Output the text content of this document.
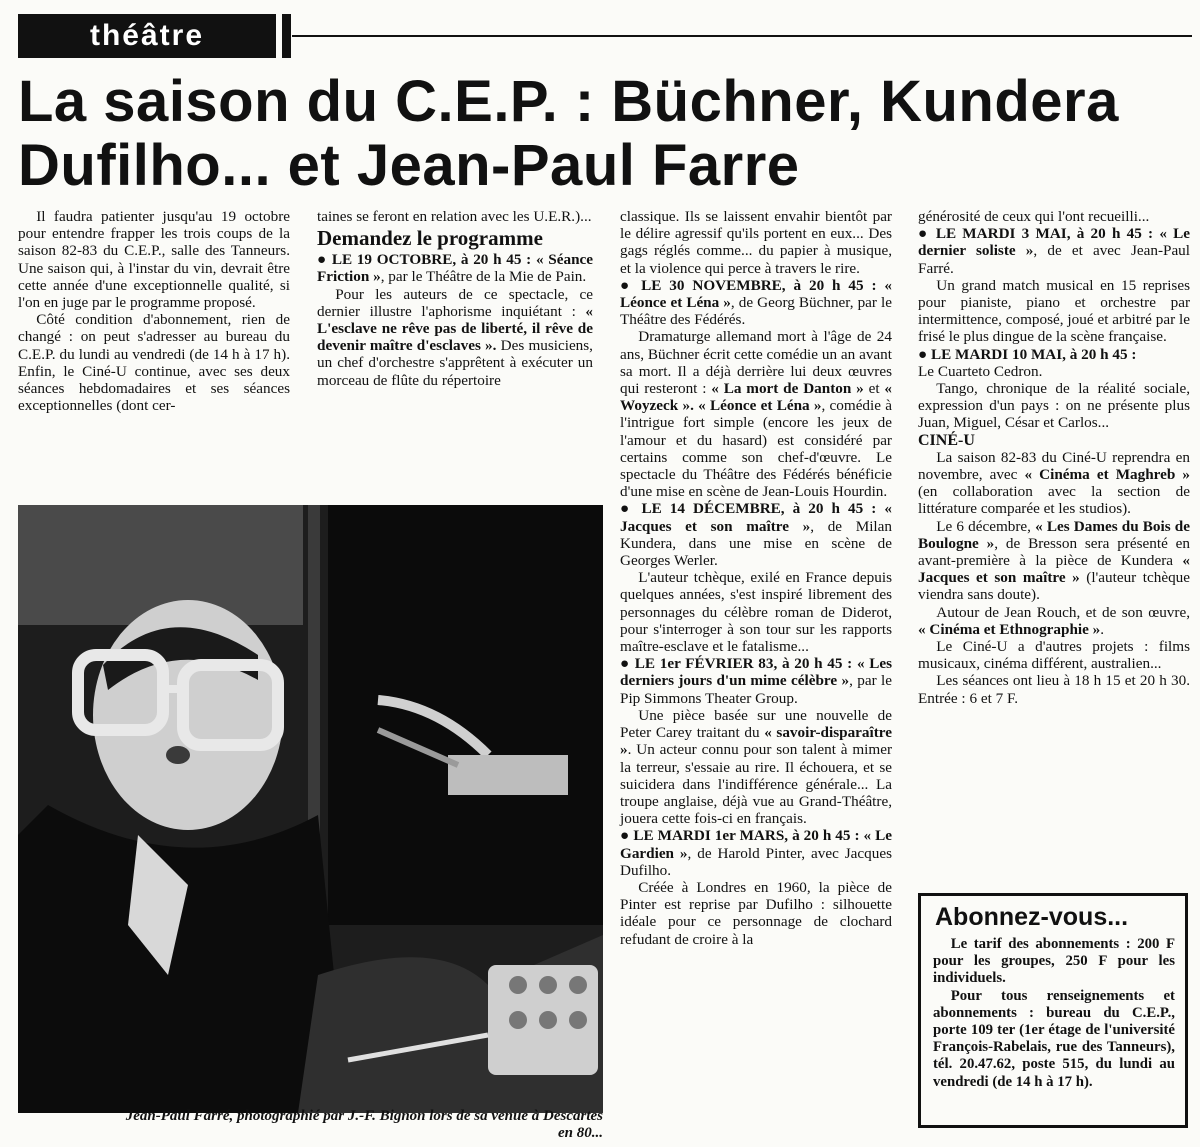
théâtre
La saison du C.E.P. : Büchner, Kundera Dufilho... et Jean-Paul Farre

Il faudra patienter jusqu'au 19 octobre pour entendre frapper les trois coups de la saison 82-83 du C.E.P., salle des Tanneurs. Une saison qui, à l'instar du vin, devrait être cette année d'une exceptionnelle qualité, si l'on en juge par le programme proposé.

Côté condition d'abonnement, rien de changé : on peut s'adresser au bureau du C.E.P. du lundi au vendredi (de 14 h à 17 h). Enfin, le Ciné-U continue, avec ses deux séances hebdomadaires et ses séances exceptionnelles (dont cer-

taines se feront en relation avec les U.E.R.)...

Demandez le programme

● LE 19 OCTOBRE, à 20 h 45 : « Séance Friction », par le Théâtre de la Mie de Pain.

Pour les auteurs de ce spectacle, ce dernier illustre l'aphorisme inquiétant : « L'esclave ne rêve pas de liberté, il rêve de devenir maître d'esclaves ». Des musiciens, un chef d'orchestre s'apprêtent à exécuter un morceau de flûte du répertoire

classique. Ils se laissent envahir bientôt par le délire agressif qu'ils portent en eux... Des gags réglés comme... du papier à musique, et la violence qui perce à travers le rire.

● LE 30 NOVEMBRE, à 20 h 45 : « Léonce et Léna », de Georg Büchner, par le Théâtre des Fédérés.

Dramaturge allemand mort à l'âge de 24 ans, Büchner écrit cette comédie un an avant sa mort. Il a déjà derrière lui deux œuvres qui resteront : « La mort de Danton » et « Woyzeck ». « Léonce et Léna », comédie à l'intrigue fort simple (encore les jeux de l'amour et du hasard) est considéré par certains comme son chef-d'œuvre. Le spectacle du Théâtre des Fédérés bénéficie d'une mise en scène de Jean-Louis Hourdin.

● LE 14 DÉCEMBRE, à 20 h 45 : « Jacques et son maître », de Milan Kundera, dans une mise en scène de Georges Werler.

L'auteur tchèque, exilé en France depuis quelques années, s'est inspiré librement des personnages du célèbre roman de Diderot, pour s'interroger à son tour sur les rapports maître-esclave et le fatalisme...

● LE 1er FÉVRIER 83, à 20 h 45 : « Les derniers jours d'un mime célèbre », par le Pip Simmons Theater Group.

Une pièce basée sur une nouvelle de Peter Carey traitant du « savoir-disparaître ». Un acteur connu pour son talent à mimer la terreur, s'essaie au rire. Il échouera, et se suicidera dans l'indifférence générale... La troupe anglaise, déjà vue au Grand-Théâtre, jouera cette fois-ci en français.

● LE MARDI 1er MARS, à 20 h 45 : « Le Gardien », de Harold Pinter, avec Jacques Dufilho.

Créée à Londres en 1960, la pièce de Pinter est reprise par Dufilho : silhouette idéale pour ce personnage de clochard refudant de croire à la

générosité de ceux qui l'ont recueilli...

● LE MARDI 3 MAI, à 20 h 45 : « Le dernier soliste », de et avec Jean-Paul Farré.

Un grand match musical en 15 reprises pour pianiste, piano et orchestre par intermittence, composé, joué et arbitré par le frisé le plus dingue de la scène française.

● LE MARDI 10 MAI, à 20 h 45 :
Le Cuarteto Cedron.

Tango, chronique de la réalité sociale, expression d'un pays : on ne présente plus Juan, Miguel, César et Carlos...

CINÉ-U

La saison 82-83 du Ciné-U reprendra en novembre, avec « Cinéma et Maghreb » (en collaboration avec la section de littérature comparée et les studios).

Le 6 décembre, « Les Dames du Bois de Boulogne », de Bresson sera présenté en avant-première à la pièce de Kundera « Jacques et son maître » (l'auteur tchèque viendra sans doute).

Autour de Jean Rouch, et de son œuvre, « Cinéma et Ethnographie ».

Le Ciné-U a d'autres projets : films musicaux, cinéma différent, australien...

Les séances ont lieu à 18 h 15 et 20 h 30. Entrée : 6 et 7 F.

Jean-Paul Farré, photographié par J.-F. Bignon lors de sa venue à Descartes
en 80...
Abonnez-vous...

Le tarif des abonnements : 200 F pour les groupes, 250 F pour les individuels.

Pour tous renseignements et abonnements : bureau du C.E.P., porte 109 ter (1er étage de l'université François-Rabelais, rue des Tanneurs), tél. 20.47.62, poste 515, du lundi au vendredi (de 14 h à 17 h).
